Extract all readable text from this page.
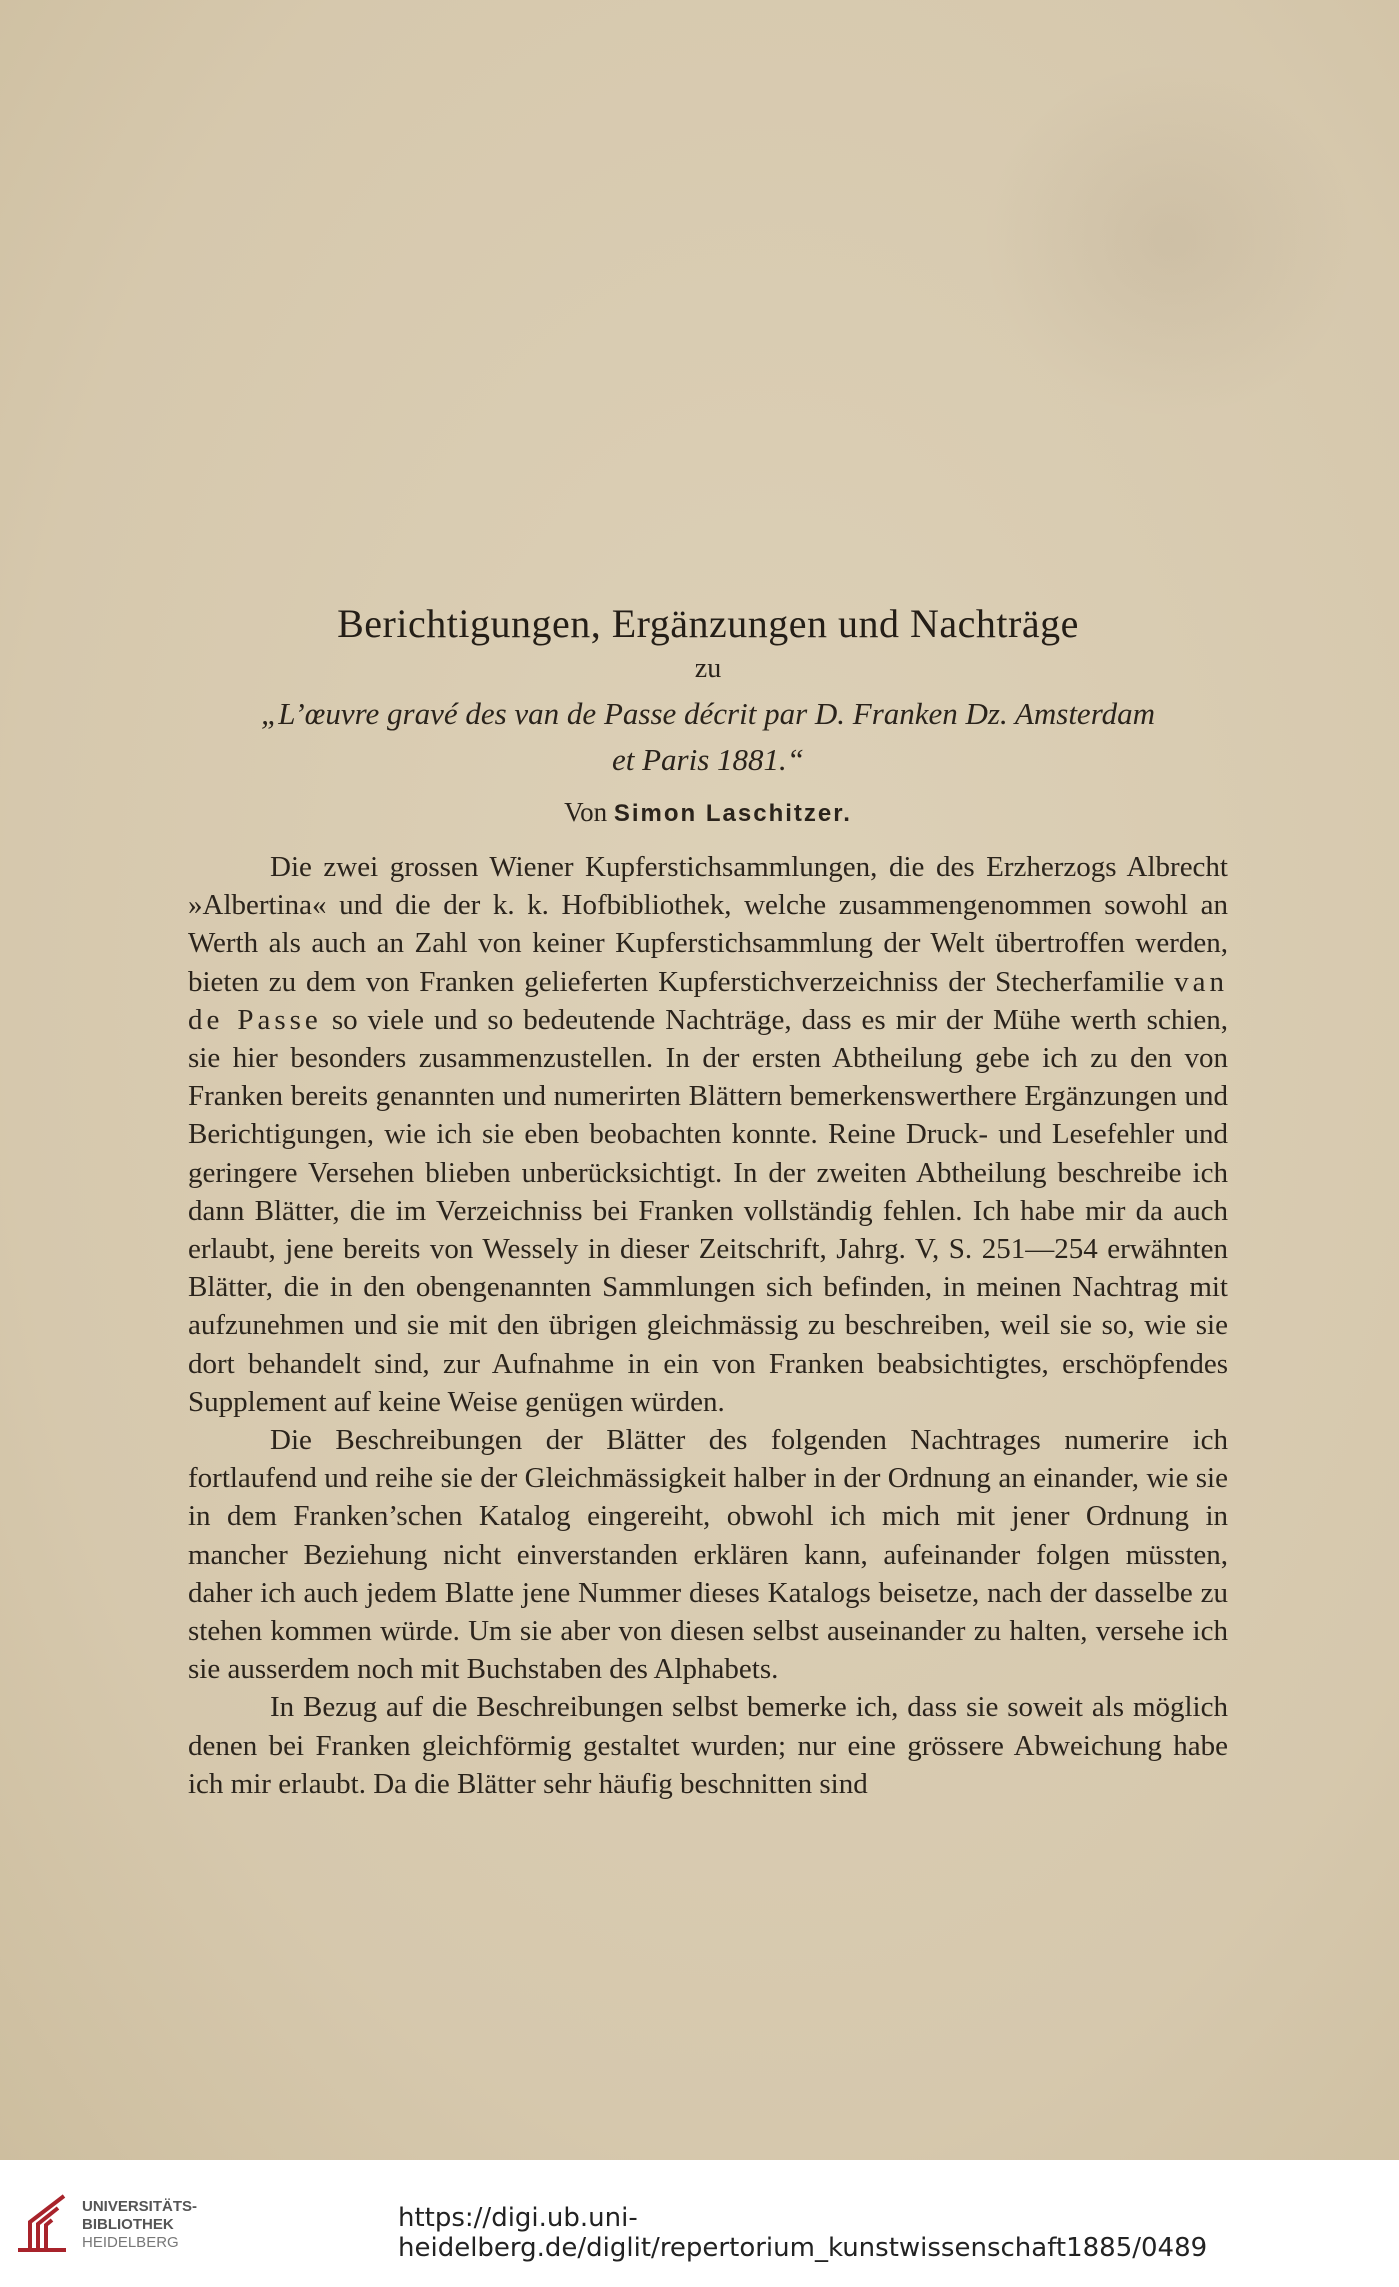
Berichtigungen, Ergänzungen und Nachträge
zu
„L’œuvre gravé des van de Passe décrit par D. Franken Dz. Amsterdam
et Paris 1881.“
Von Simon Laschitzer.

Die zwei grossen Wiener Kupferstichsammlungen, die des Erzherzogs Albrecht »Albertina« und die der k. k. Hofbibliothek, welche zusammengenommen sowohl an Werth als auch an Zahl von keiner Kupferstichsammlung der Welt übertroffen werden, bieten zu dem von Franken gelieferten Kupferstichverzeichniss der Stecherfamilie van de Passe so viele und so bedeutende Nachträge, dass es mir der Mühe werth schien, sie hier besonders zusammenzustellen. In der ersten Abtheilung gebe ich zu den von Franken bereits genannten und numerirten Blättern bemerkenswerthere Ergänzungen und Berichtigungen, wie ich sie eben beobachten konnte. Reine Druck- und Lesefehler und geringere Versehen blieben unberücksichtigt. In der zweiten Abtheilung beschreibe ich dann Blätter, die im Verzeichniss bei Franken vollständig fehlen. Ich habe mir da auch erlaubt, jene bereits von Wessely in dieser Zeitschrift, Jahrg. V, S. 251—254 erwähnten Blätter, die in den obengenannten Sammlungen sich befinden, in meinen Nachtrag mit aufzunehmen und sie mit den übrigen gleichmässig zu beschreiben, weil sie so, wie sie dort behandelt sind, zur Aufnahme in ein von Franken beabsichtigtes, erschöpfendes Supplement auf keine Weise genügen würden.

Die Beschreibungen der Blätter des folgenden Nachtrages numerire ich fortlaufend und reihe sie der Gleichmässigkeit halber in der Ordnung an einander, wie sie in dem Franken’schen Katalog eingereiht, obwohl ich mich mit jener Ordnung in mancher Beziehung nicht einverstanden erklären kann, aufeinander folgen müssten, daher ich auch jedem Blatte jene Nummer dieses Katalogs beisetze, nach der dasselbe zu stehen kommen würde. Um sie aber von diesen selbst auseinander zu halten, versehe ich sie ausserdem noch mit Buchstaben des Alphabets.

In Bezug auf die Beschreibungen selbst bemerke ich, dass sie soweit als möglich denen bei Franken gleichförmig gestaltet wurden; nur eine grössere Abweichung habe ich mir erlaubt. Da die Blätter sehr häufig beschnitten sind

UNIVERSITÄTS-
BIBLIOTHEK
HEIDELBERG
https://digi.ub.uni-heidelberg.de/diglit/repertorium_kunstwissenschaft1885/0489
